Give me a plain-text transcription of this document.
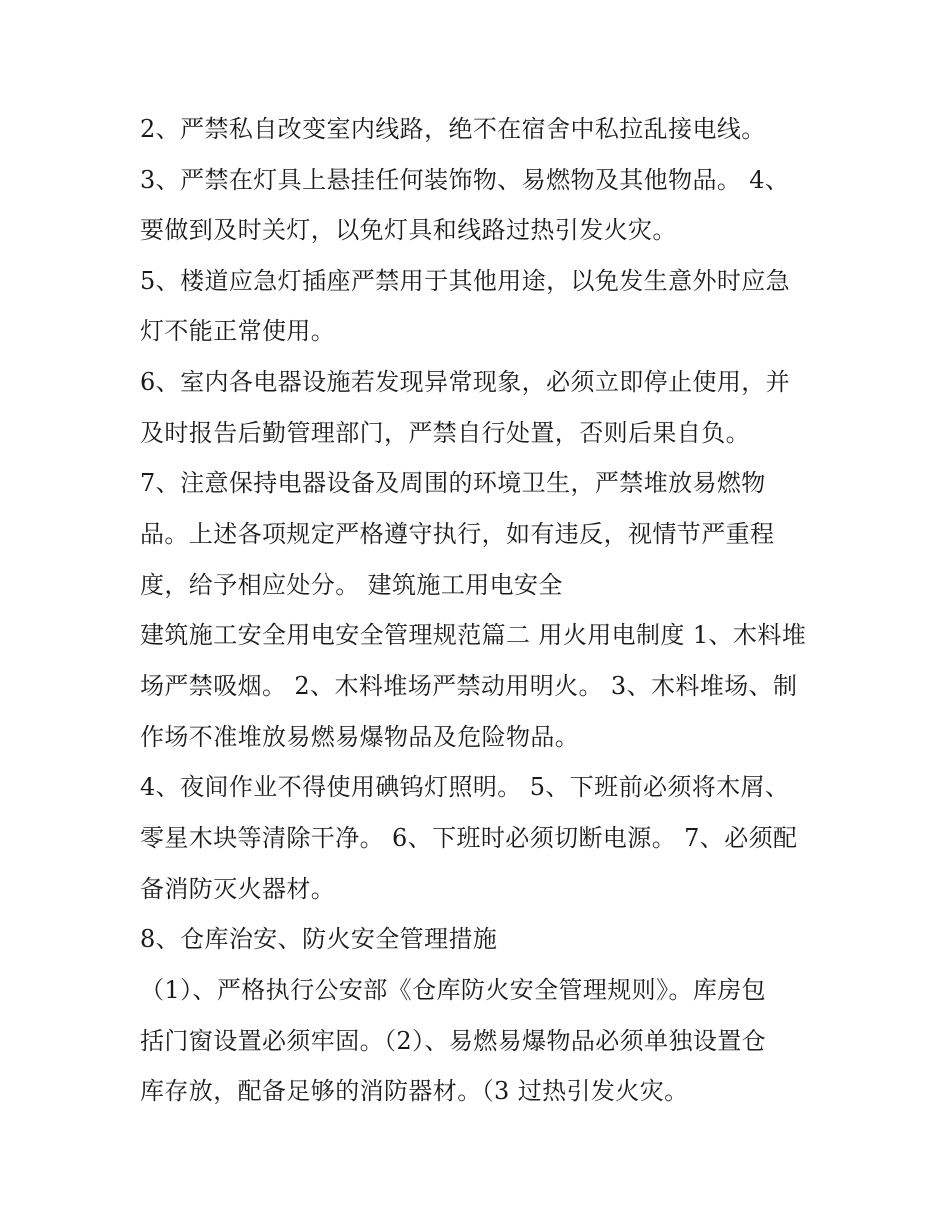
2、严禁私自改变室内线路，绝不在宿舍中私拉乱接电线。

3、严禁在灯具上悬挂任何装饰物、易燃物及其他物品。 4、

要做到及时关灯，以免灯具和线路过热引发火灾。

5、楼道应急灯插座严禁用于其他用途，以免发生意外时应急

灯不能正常使用。

6、室内各电器设施若发现异常现象，必须立即停止使用，并

及时报告后勤管理部门，严禁自行处置，否则后果自负。

7、注意保持电器设备及周围的环境卫生，严禁堆放易燃物

品。上述各项规定严格遵守执行，如有违反，视情节严重程

度，给予相应处分。 建筑施工用电安全

建筑施工安全用电安全管理规范篇二 用火用电制度 1、木料堆

场严禁吸烟。 2、木料堆场严禁动用明火。 3、木料堆场、制

作场不准堆放易燃易爆物品及危险物品。

4、夜间作业不得使用碘钨灯照明。 5、下班前必须将木屑、

零星木块等清除干净。 6、下班时必须切断电源。 7、必须配

备消防灭火器材。

8、仓库治安、防火安全管理措施

（1）、严格执行公安部《仓库防火安全管理规则》。库房包

括门窗设置必须牢固。（2）、易燃易爆物品必须单独设置仓

库存放，配备足够的消防器材。（3 过热引发火灾。
